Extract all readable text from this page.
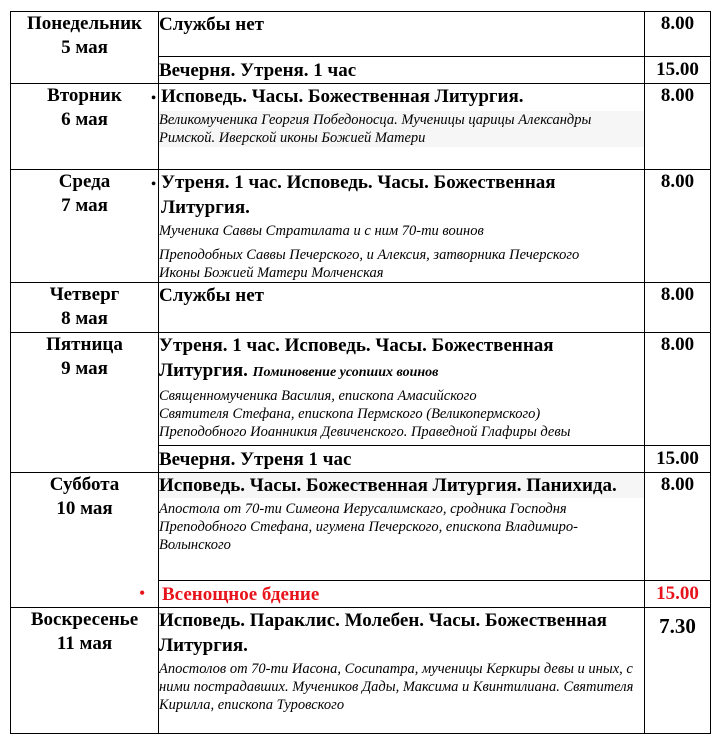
Понедельник
5 мая	Службы нет	8.00

	Вечерня. Утреня. 1 час	15.00

Вторник
6 мая
•	Исповедь. Часы. Божественная Литургия.
Великомученика Георгия Победоносца. Мученицы царицы Александры Римской. Иверской иконы Божией Матери	8.00

Среда
7 мая
•	Утреня. 1 час. Исповедь. Часы. Божественная Литургия.
Мученика Саввы Стратилата и с ним 70-ти воинов
Преподобных Саввы Печерского, и Алексия, затворника Печерского
Иконы Божией Матери Молченская	8.00

Четверг
8 мая	Службы нет	8.00

Пятница
9 мая	Утреня. 1 час. Исповедь. Часы. Божественная Литургия. Поминовение усопших воинов
Священномученика Василия, епископа Амасийского
Святителя Стефана, епископа Пермского (Великопермского)
Преподобного Иоанникия Девиченского. Праведной Глафиры девы	8.00

	Вечерня. Утреня 1 час	15.00

Суббота
10 мая	Исповедь. Часы. Божественная Литургия. Панихида.
Апостола от 70-ти Симеона Иерусалимскаго, сродника Господня
Преподобного Стефана, игумена Печерского, епископа Владимиро-Волынского	8.00

	• Всенощное бдение	15.00

Воскресенье
11 мая	Исповедь. Параклис. Молебен. Часы. Божественная Литургия.
Апостолов от 70-ти Иасона, Сосипатра, мученицы Керкиры девы и иных, с ними пострадавших. Мучеников Дады, Максима и Квинтилиана. Святителя Кирилла, епископа Туровского	7.30
